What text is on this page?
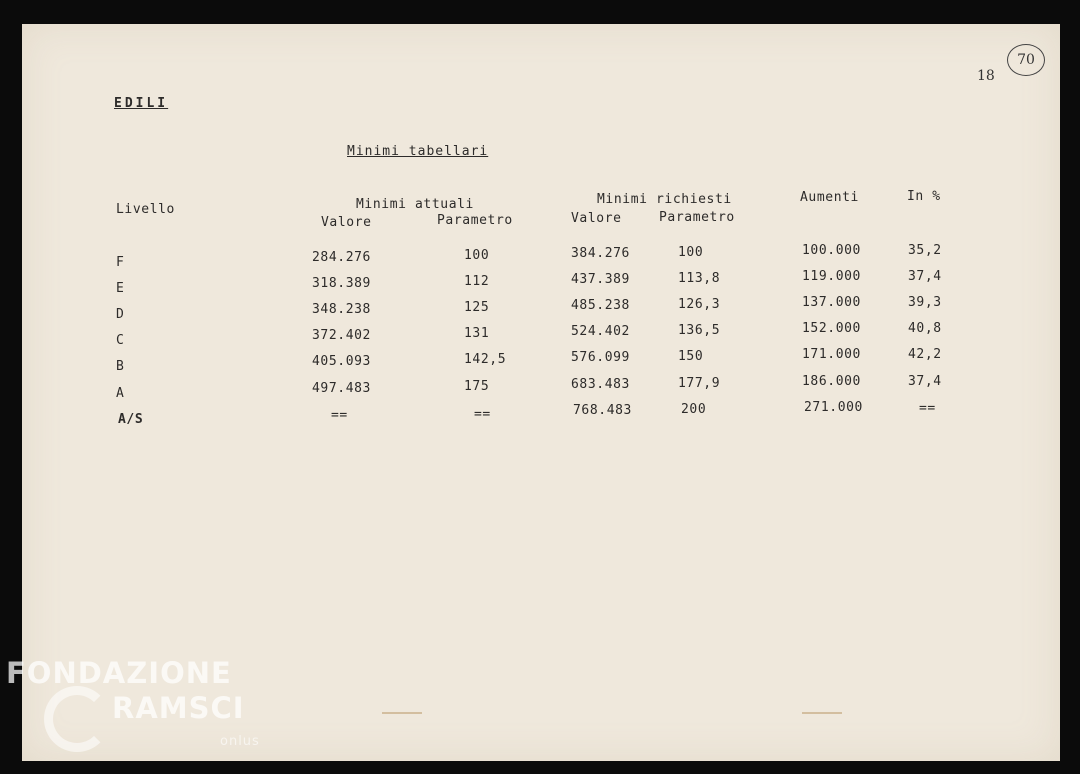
EDILI
Minimi tabellari
18
70
Livello	Minimi attuali
Valore	Parametro
Minimi richiesti
Valore	Parametro
Aumenti	In %
F	284.276	100	384.276	100	100.000	35,2
E	318.389	112	437.389	113,8	119.000	37,4
D	348.238	125	485.238	126,3	137.000	39,3
C	372.402	131	524.402	136,5	152.000	40,8
B	405.093	142,5	576.099	150	171.000	42,2
A	497.483	175	683.483	177,9	186.000	37,4
A/S	==	==	768.483	200	271.000	==
FONDAZIONE
RAMSCI
onlus
